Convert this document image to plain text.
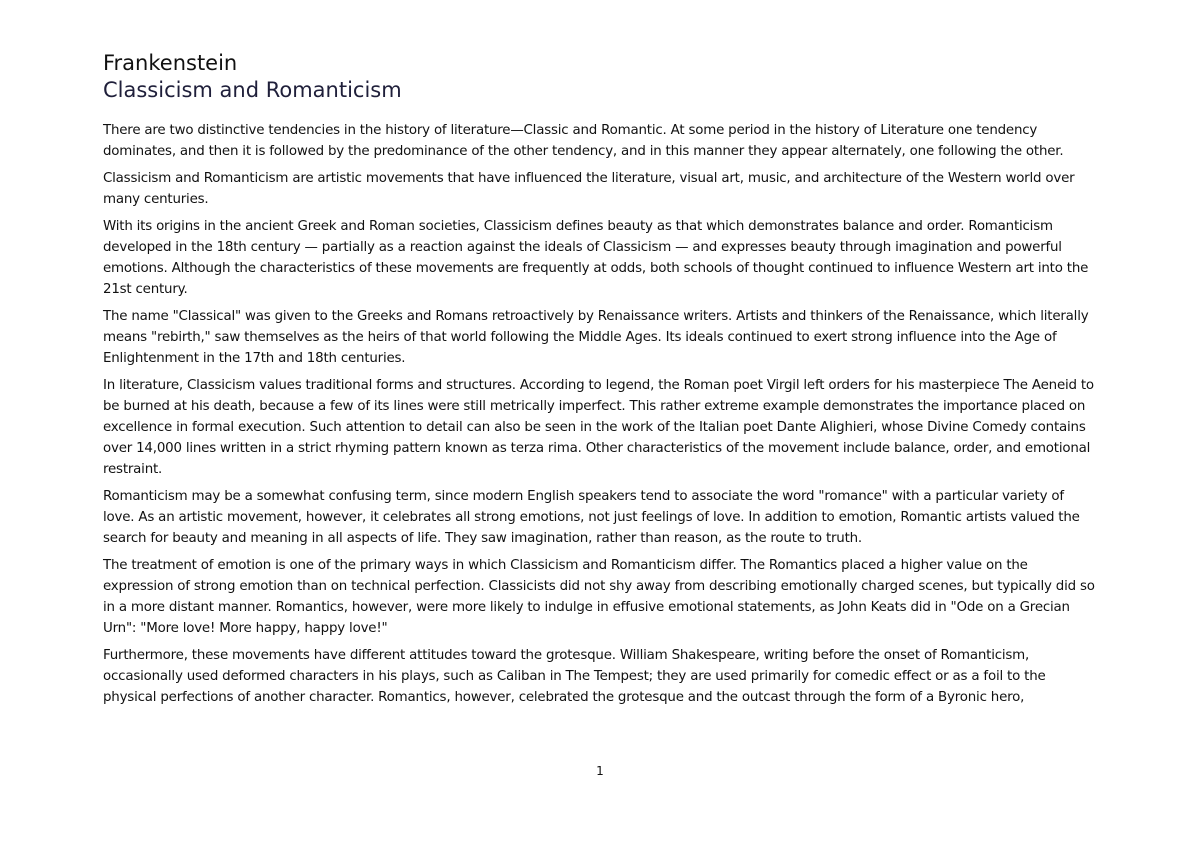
Frankenstein
Classicism and Romanticism

There are two distinctive tendencies in the history of literature—Classic and Romantic. At some period in the history of Literature one tendency dominates, and then it is followed by the predominance of the other tendency, and in this manner they appear alternately, one following the other.

Classicism and Romanticism are artistic movements that have influenced the literature, visual art, music, and architecture of the Western world over many centuries.

With its origins in the ancient Greek and Roman societies, Classicism defines beauty as that which demonstrates balance and order. Romanticism developed in the 18th century — partially as a reaction against the ideals of Classicism — and expresses beauty through imagination and powerful emotions. Although the characteristics of these movements are frequently at odds, both schools of thought continued to influence Western art into the 21st century.

The name "Classical" was given to the Greeks and Romans retroactively by Renaissance writers. Artists and thinkers of the Renaissance, which literally means "rebirth," saw themselves as the heirs of that world following the Middle Ages. Its ideals continued to exert strong influence into the Age of Enlightenment in the 17th and 18th centuries.

In literature, Classicism values traditional forms and structures. According to legend, the Roman poet Virgil left orders for his masterpiece The Aeneid to be burned at his death, because a few of its lines were still metrically imperfect. This rather extreme example demonstrates the importance placed on excellence in formal execution. Such attention to detail can also be seen in the work of the Italian poet Dante Alighieri, whose Divine Comedy contains over 14,000 lines written in a strict rhyming pattern known as terza rima. Other characteristics of the movement include balance, order, and emotional restraint.

Romanticism may be a somewhat confusing term, since modern English speakers tend to associate the word "romance" with a particular variety of love. As an artistic movement, however, it celebrates all strong emotions, not just feelings of love. In addition to emotion, Romantic artists valued the search for beauty and meaning in all aspects of life. They saw imagination, rather than reason, as the route to truth.

The treatment of emotion is one of the primary ways in which Classicism and Romanticism differ. The Romantics placed a higher value on the expression of strong emotion than on technical perfection. Classicists did not shy away from describing emotionally charged scenes, but typically did so in a more distant manner. Romantics, however, were more likely to indulge in effusive emotional statements, as John Keats did in "Ode on a Grecian Urn": "More love! More happy, happy love!"

Furthermore, these movements have different attitudes toward the grotesque. William Shakespeare, writing before the onset of Romanticism, occasionally used deformed characters in his plays, such as Caliban in The Tempest; they are used primarily for comedic effect or as a foil to the physical perfections of another character. Romantics, however, celebrated the grotesque and the outcast through the form of a Byronic hero,

1
